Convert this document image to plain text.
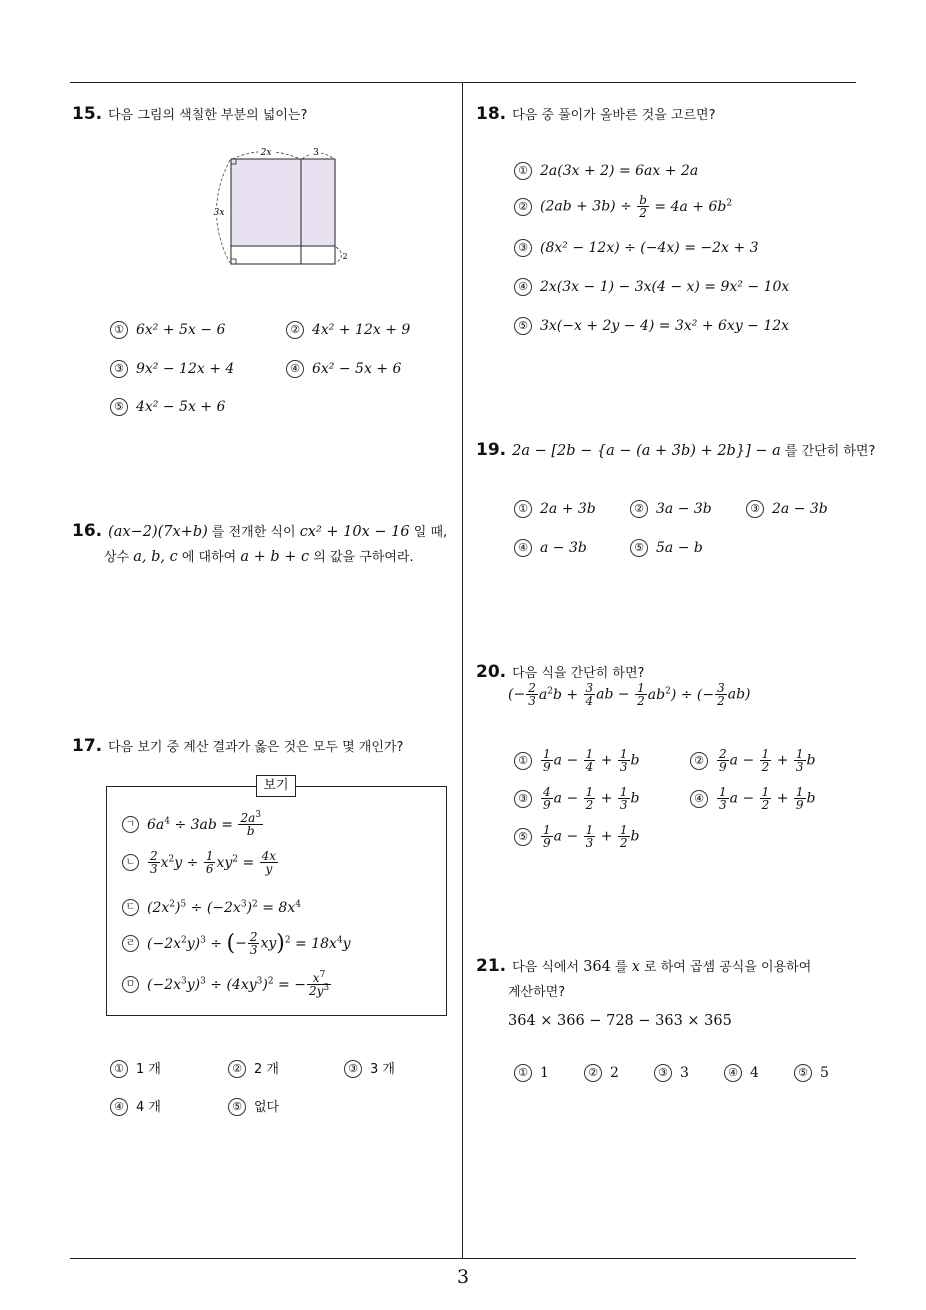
3
15. 다음 그림의 색칠한 부분의 넓이는?
2x	3
3x
2
① 6x² + 5x − 6	② 4x² + 12x + 9
③ 9x² − 12x + 4	④ 6x² − 5x + 6
⑤ 4x² − 5x + 6
16. (ax−2)(7x+b) 를 전개한 식이 cx² + 10x − 16 일 때,
상수 a, b, c 에 대하여 a + b + c 의 값을 구하여라.
17. 다음 보기 중 계산 결과가 옳은 것은 모두 몇 개인가?
보기
ㄱ $6a^4 \div 3ab = \frac{2a^3}{b}$
ㄴ $\frac{2}{3} x^2y \div \frac{1}{6} xy^2 = \frac{4x}{y}$
ㄷ $(2x^2)^5 \div (-2x^3)^2 = 8x^4$
ㄹ $(-2x^2y)^3$ ÷ (− $\frac{2}{3} xy)^2 = 18x^4y$
ㅁ $(-2x^3y)^3 \div (4xy^3)^2$ = − $\frac{x^7}{2y^3}$
① 1 개	② 2 개	③ 3 개
④ 4 개	⑤ 없다
18. 다음 중 풀이가 올바른 것을 고르면?
① 2a(3x + 2) = 6ax + 2a
② $(2ab + 3b) \div \frac{b}{2} = 4a + 6b^2$
③ (8x² − 12x) ÷ (−4x) = −2x + 3
④ 2x(3x − 1) − 3x(4 − x) = 9x² − 10x
⑤ 3x(−x + 2y − 4) = 3x² + 6xy − 12x
19. 2a − [2b − {a − (a + 3b) + 2b}] − a 를 간단히 하면?
① 2a + 3b	② 3a − 3b	③ 2a − 3b
④ a − 3b	⑤ 5a − b
20. 다음 식을 간단히 하면?
(− $\frac{2}{3} a^2b + \frac{3}{4}$ ab − $\frac{1}{2} ab^2$) ÷ (− $\frac{3}{2} ab$)
① $\frac{1}{9}$ $a - \frac{1}{4} + \frac{1}{3}$ b	② $\frac{2}{9}$ $a - \frac{1}{2} + \frac{1}{3}$ b
③ $\frac{4}{9}$ $a - \frac{1}{2} + \frac{1}{3}$ b	④ $\frac{1}{3}$ $a - \frac{1}{2} + \frac{1}{9}$ b
⑤ $\frac{1}{9}$ $a - \frac{1}{3} + \frac{1}{2}$ b
21. 다음 식에서 364 를 x 로 하여 곱셈 공식을 이용하여
계산하면?
364 × 366 − 728 − 363 × 365
① 1	② 2	③ 3	④ 4	⑤ 5
